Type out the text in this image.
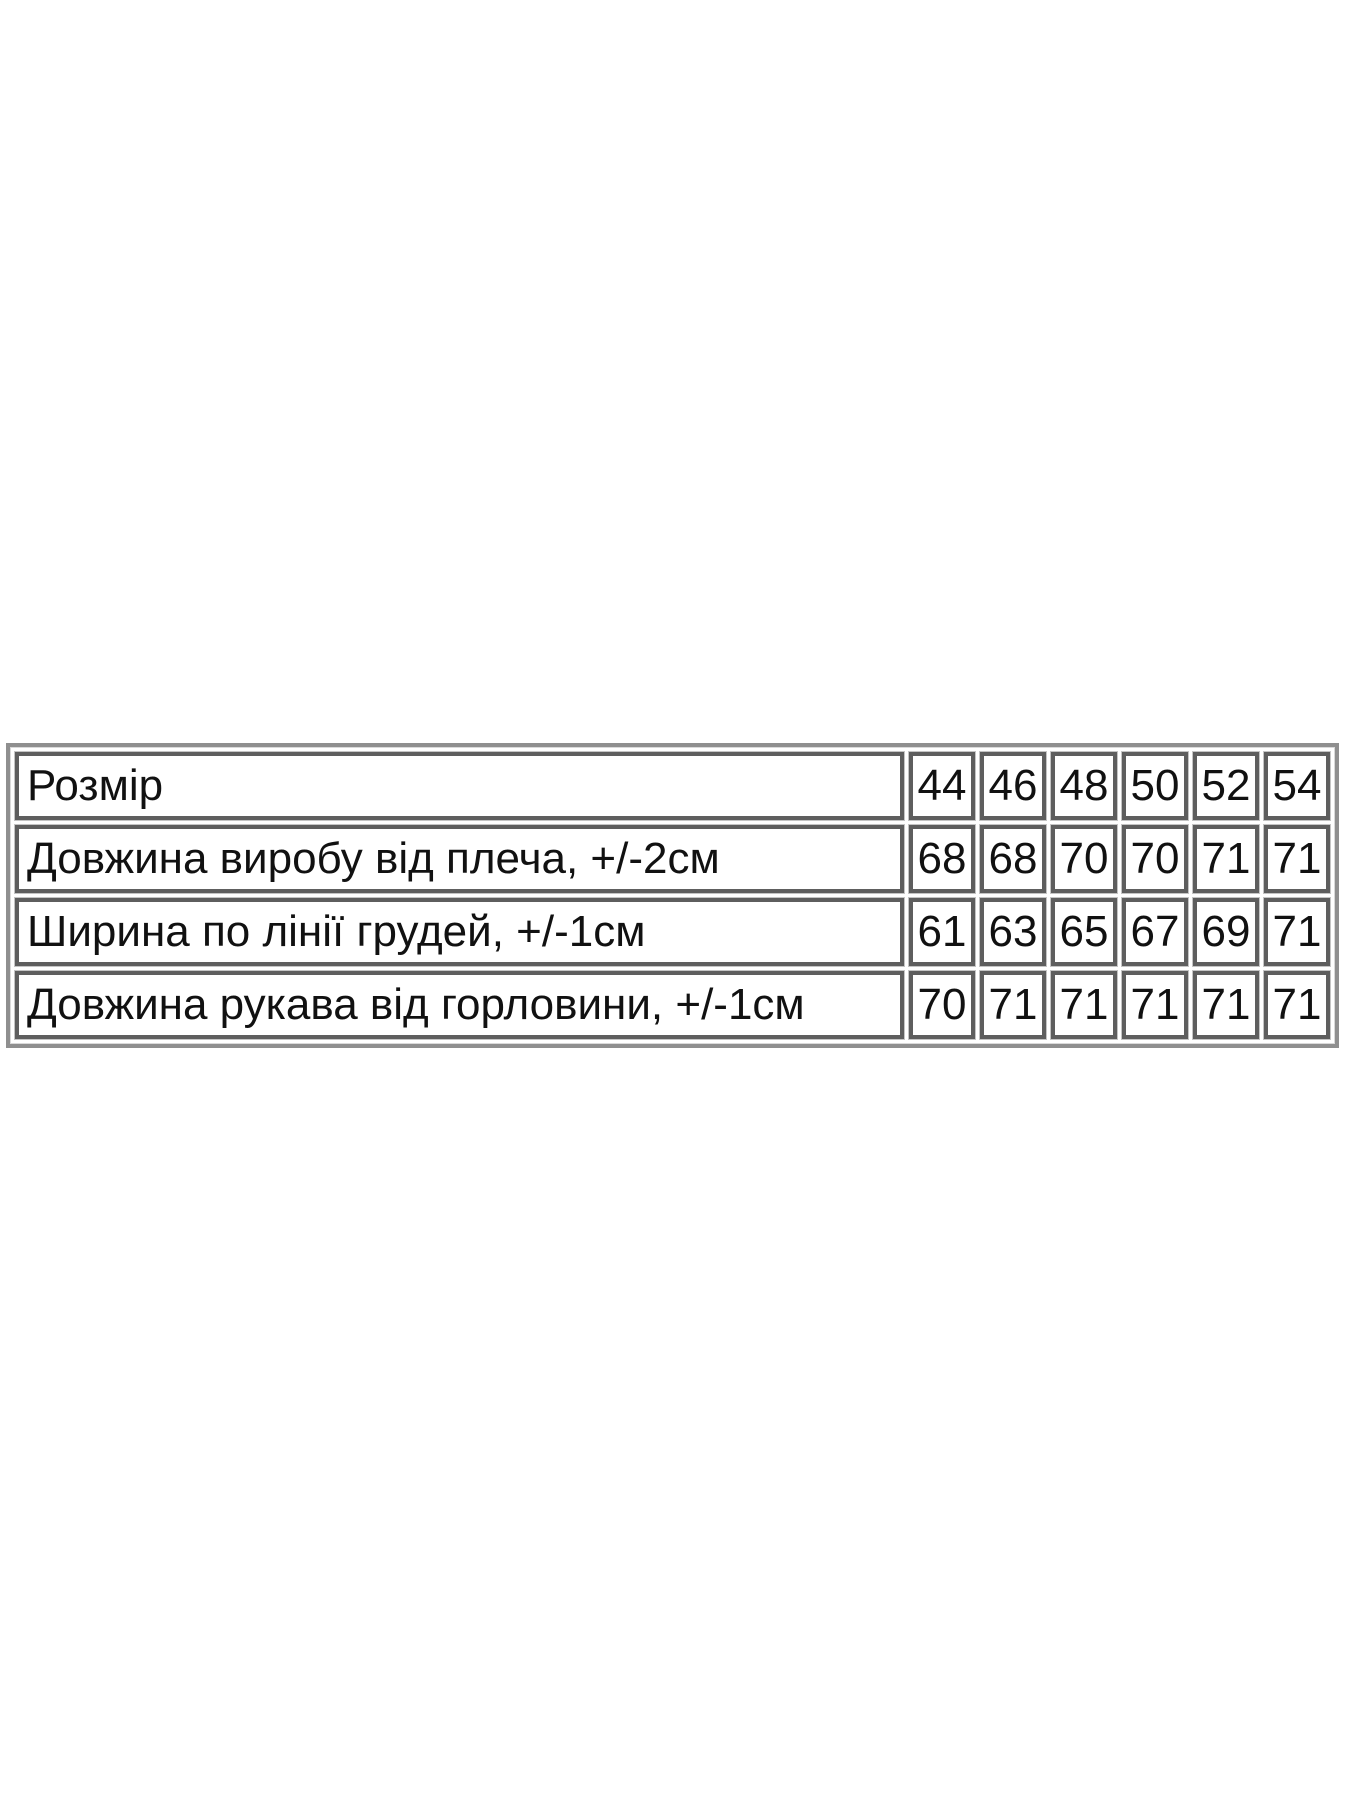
Розмір	44	46	48	50	52	54
Довжина виробу від плеча, +/-2см	68	68	70	70	71	71
Ширина по лінії грудей, +/-1см	61	63	65	67	69	71
Довжина рукава від горловини, +/-1см	70	71	71	71	71	71
